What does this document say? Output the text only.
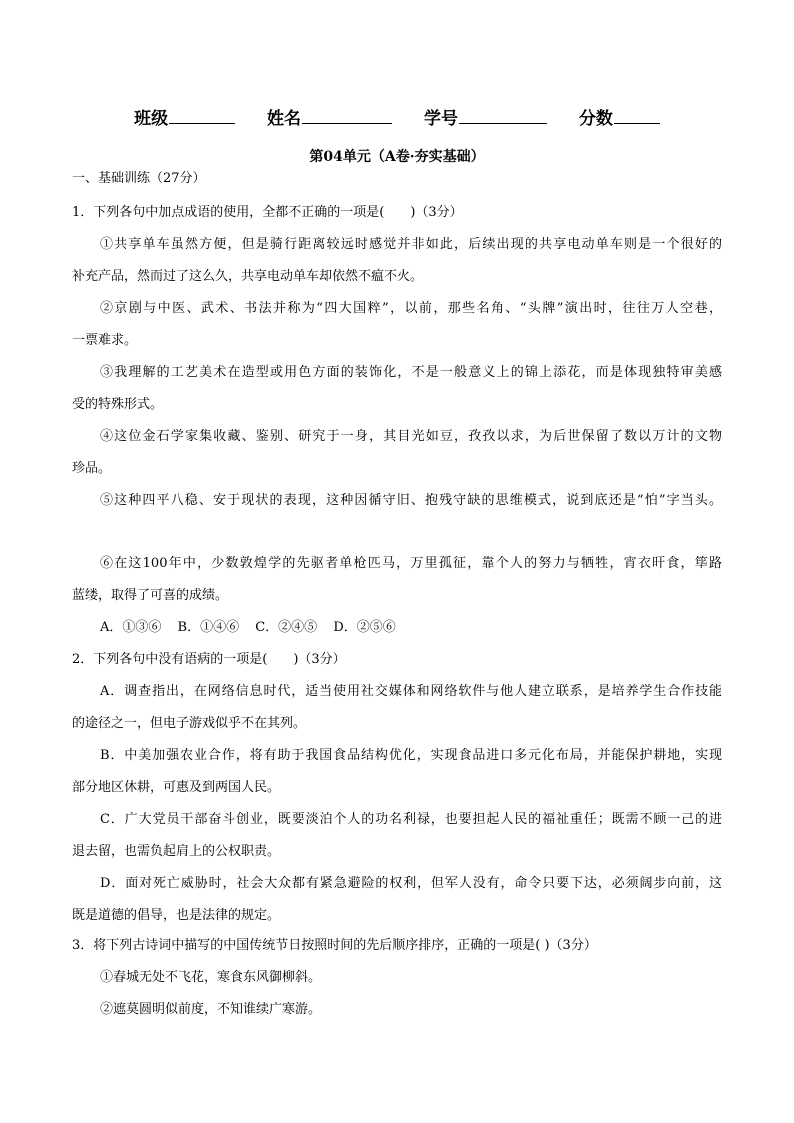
班级	姓名	学号	分数
第04单元（A卷·夯实基础）
一、基础训练（27分）
1．下列各句中加点成语的使用，全都不正确的一项是(　　)（3分）
①共享单车虽然方便，但是骑行距离较远时感觉并非如此，后续出现的共享电动单车则是一个很好的
补充产品，然而过了这么久，共享电动单车却依然不瘟不火。
②京剧与中医、武术、书法并称为“四大国粹”，以前，那些名角、“头牌”演出时，往往万人空巷，
一票难求。
③我理解的工艺美术在造型或用色方面的装饰化，不是一般意义上的锦上添花，而是体现独特审美感
受的特殊形式。
④这位金石学家集收藏、鉴别、研究于一身，其目光如豆，孜孜以求，为后世保留了数以万计的文物
珍品。
⑤这种四平八稳、安于现状的表现，这种因循守旧、抱残守缺的思维模式，说到底还是“怕”字当头。
⑥在这100年中，少数敦煌学的先驱者单枪匹马，万里孤征，靠个人的努力与牺牲，宵衣旰食，筚路
蓝缕，取得了可喜的成绩。
A．①③⑥ B．①④⑥ C．②④⑤ D．②⑤⑥
2．下列各句中没有语病的一项是(　　)（3分）
A．调查指出，在网络信息时代，适当使用社交媒体和网络软件与他人建立联系，是培养学生合作技能
的途径之一，但电子游戏似乎不在其列。
B．中美加强农业合作，将有助于我国食品结构优化，实现食品进口多元化布局，并能保护耕地，实现
部分地区休耕，可惠及到两国人民。
C．广大党员干部奋斗创业，既要淡泊个人的功名利禄，也要担起人民的福祉重任；既需不顾一己的进
退去留，也需负起肩上的公权职责。
D．面对死亡威胁时，社会大众都有紧急避险的权利，但军人没有，命令只要下达，必须阔步向前，这
既是道德的倡导，也是法律的规定。
3．将下列古诗词中描写的中国传统节日按照时间的先后顺序排序，正确的一项是( )（3分）
①春城无处不飞花，寒食东风御柳斜。
②遮莫圆明似前度，不知谁续广寒游。
